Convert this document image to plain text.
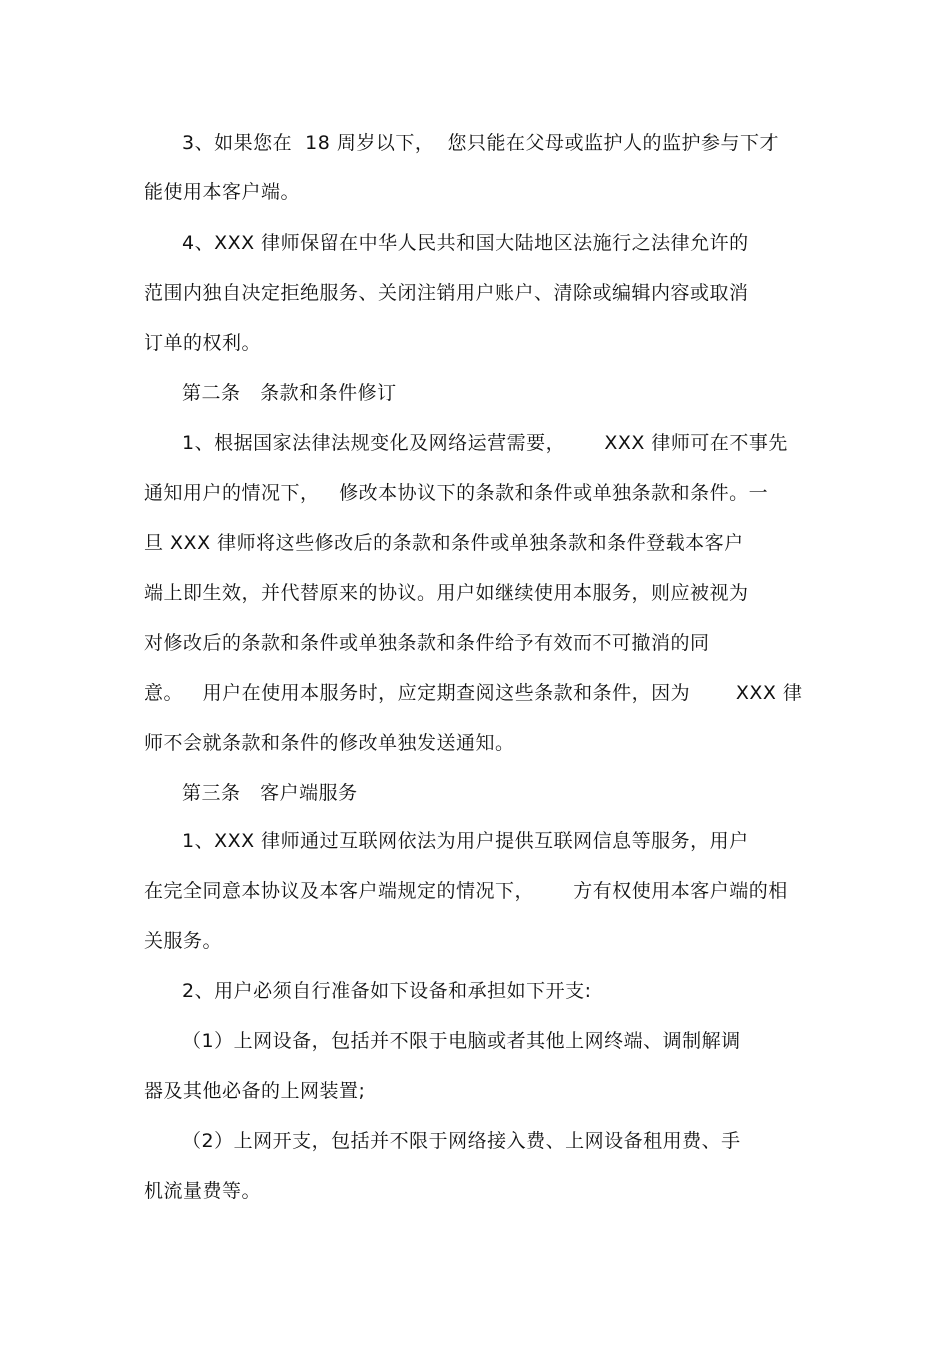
3、如果您在  18 周岁以下，  您只能在父母或监护人的监护参与下才

能使用本客户端。

4、XXX 律师保留在中华人民共和国大陆地区法施行之法律允许的

范围内独自决定拒绝服务、关闭注销用户账户、清除或编辑内容或取消

订单的权利。

第二条   条款和条件修订

1、根据国家法律法规变化及网络运营需要，      XXX 律师可在不事先

通知用户的情况下，   修改本协议下的条款和条件或单独条款和条件。一

旦 XXX 律师将这些修改后的条款和条件或单独条款和条件登载本客户

端上即生效，并代替原来的协议。用户如继续使用本服务，则应被视为

对修改后的条款和条件或单独条款和条件给予有效而不可撤消的同

意。   用户在使用本服务时，应定期查阅这些条款和条件，因为       XXX 律

师不会就条款和条件的修改单独发送通知。

第三条   客户端服务

1、XXX 律师通过互联网依法为用户提供互联网信息等服务，用户

在完全同意本协议及本客户端规定的情况下，      方有权使用本客户端的相

关服务。

2、用户必须自行准备如下设备和承担如下开支:

（1）上网设备，包括并不限于电脑或者其他上网终端、调制解调

器及其他必备的上网装置;

（2）上网开支，包括并不限于网络接入费、上网设备租用费、手

机流量费等。
